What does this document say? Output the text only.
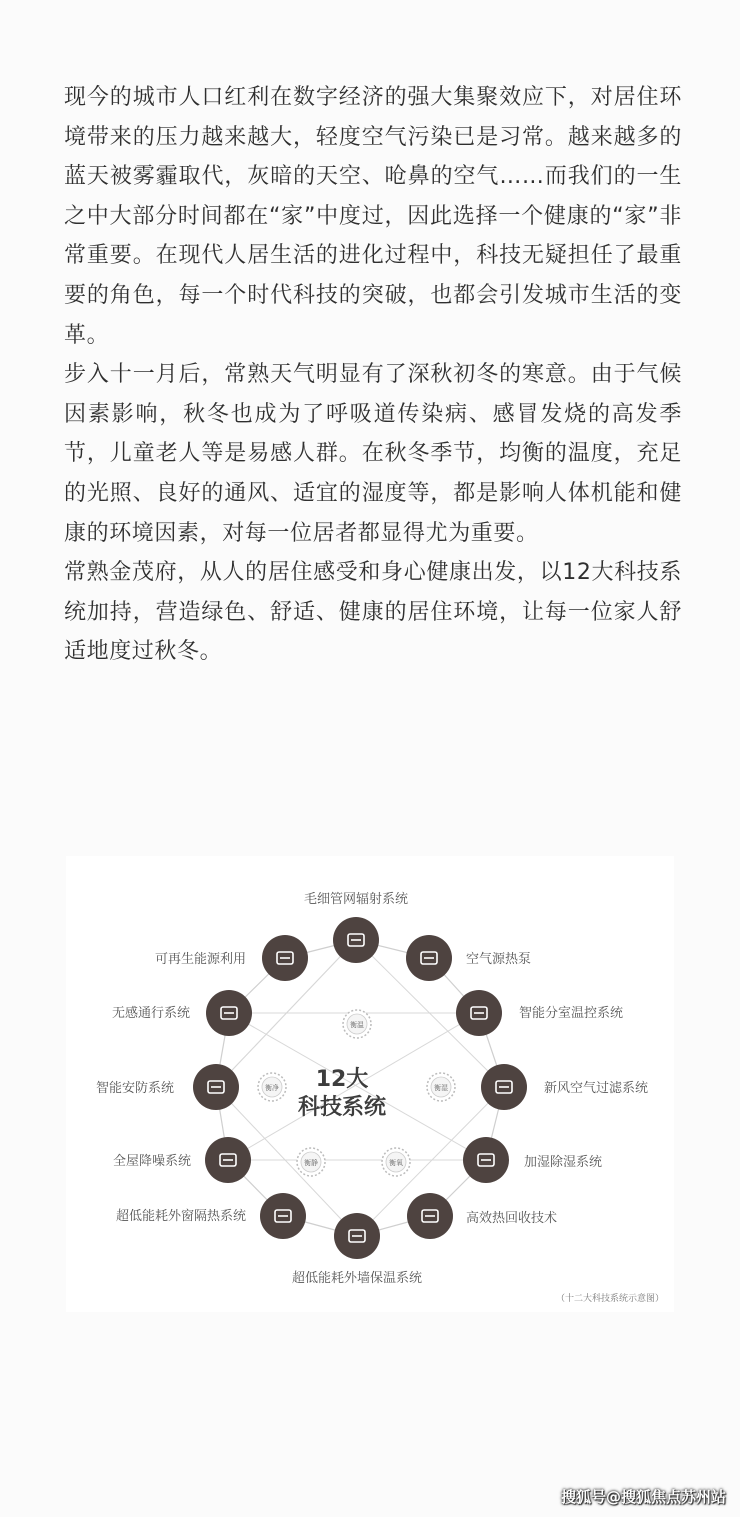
现今的城市人口红利在数字经济的强大集聚效应下，对居住环境带来的压力越来越大，轻度空气污染已是习常。越来越多的蓝天被雾霾取代，灰暗的天空、呛鼻的空气……而我们的一生之中大部分时间都在“家”中度过，因此选择一个健康的“家”非常重要。在现代人居生活的进化过程中，科技无疑担任了最重要的角色，每一个时代科技的突破，也都会引发城市生活的变革。

步入十一月后，常熟天气明显有了深秋初冬的寒意。由于气候因素影响，秋冬也成为了呼吸道传染病、感冒发烧的高发季节，儿童老人等是易感人群。在秋冬季节，均衡的温度，充足的光照、良好的通风、适宜的湿度等，都是影响人体机能和健康的环境因素，对每一位居者都显得尤为重要。

常熟金茂府，从人的居住感受和身心健康出发，以12大科技系统加持，营造绿色、舒适、健康的居住环境，让每一位家人舒适地度过秋冬。

衡温
衡湿
衡氧
衡静
衡净
毛细管网辐射系统
空气源热泵
智能分室温控系统
新风空气过滤系统
加湿除湿系统
高效热回收技术
超低能耗外墙保温系统
超低能耗外窗隔热系统
全屋降噪系统
智能安防系统
无感通行系统
可再生能源利用
12大
科技系统
（十二大科技系统示意图）
搜狐号@搜狐焦点苏州站
